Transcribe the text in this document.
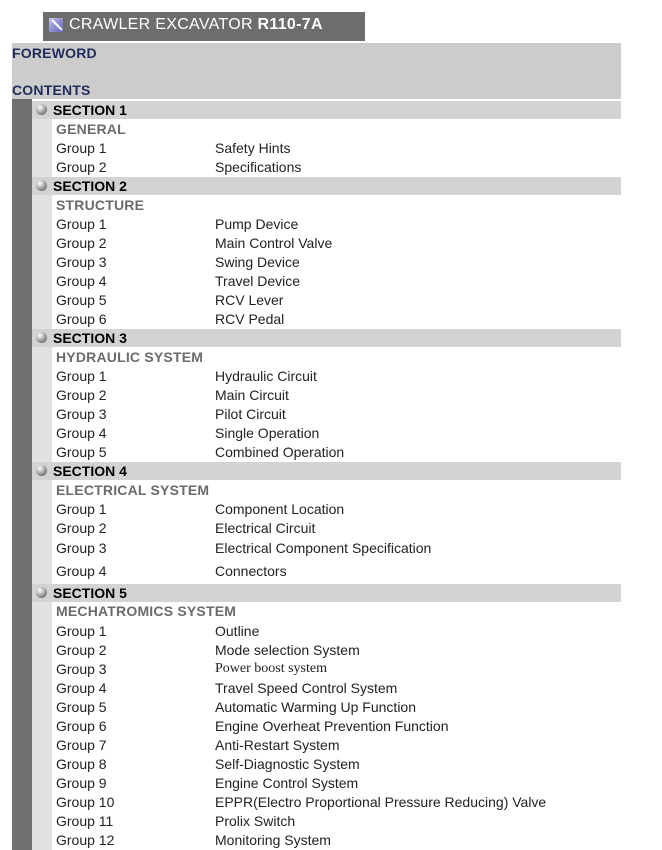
CRAWLER EXCAVATOR R110-7A
FOREWORD
CONTENTS
SECTION 1
GENERAL
Group 1	Safety Hints
Group 2	Specifications
SECTION 2
STRUCTURE
Group 1	Pump Device
Group 2	Main Control Valve
Group 3	Swing Device
Group 4	Travel Device
Group 5	RCV Lever
Group 6	RCV Pedal
SECTION 3
HYDRAULIC SYSTEM
Group 1	Hydraulic Circuit
Group 2	Main Circuit
Group 3	Pilot Circuit
Group 4	Single Operation
Group 5	Combined Operation
SECTION 4
ELECTRICAL SYSTEM
Group 1	Component Location
Group 2	Electrical Circuit
Group 3	Electrical Component Specification
Group 4	Connectors
SECTION 5
MECHATROMICS SYSTEM
Group 1	Outline
Group 2	Mode selection System
Group 3	Power boost system
Group 4	Travel Speed Control System
Group 5	Automatic Warming Up Function
Group 6	Engine Overheat Prevention Function
Group 7	Anti-Restart System
Group 8	Self-Diagnostic System
Group 9	Engine Control System
Group 10	EPPR(Electro Proportional Pressure Reducing) Valve
Group 11	Prolix Switch
Group 12	Monitoring System
